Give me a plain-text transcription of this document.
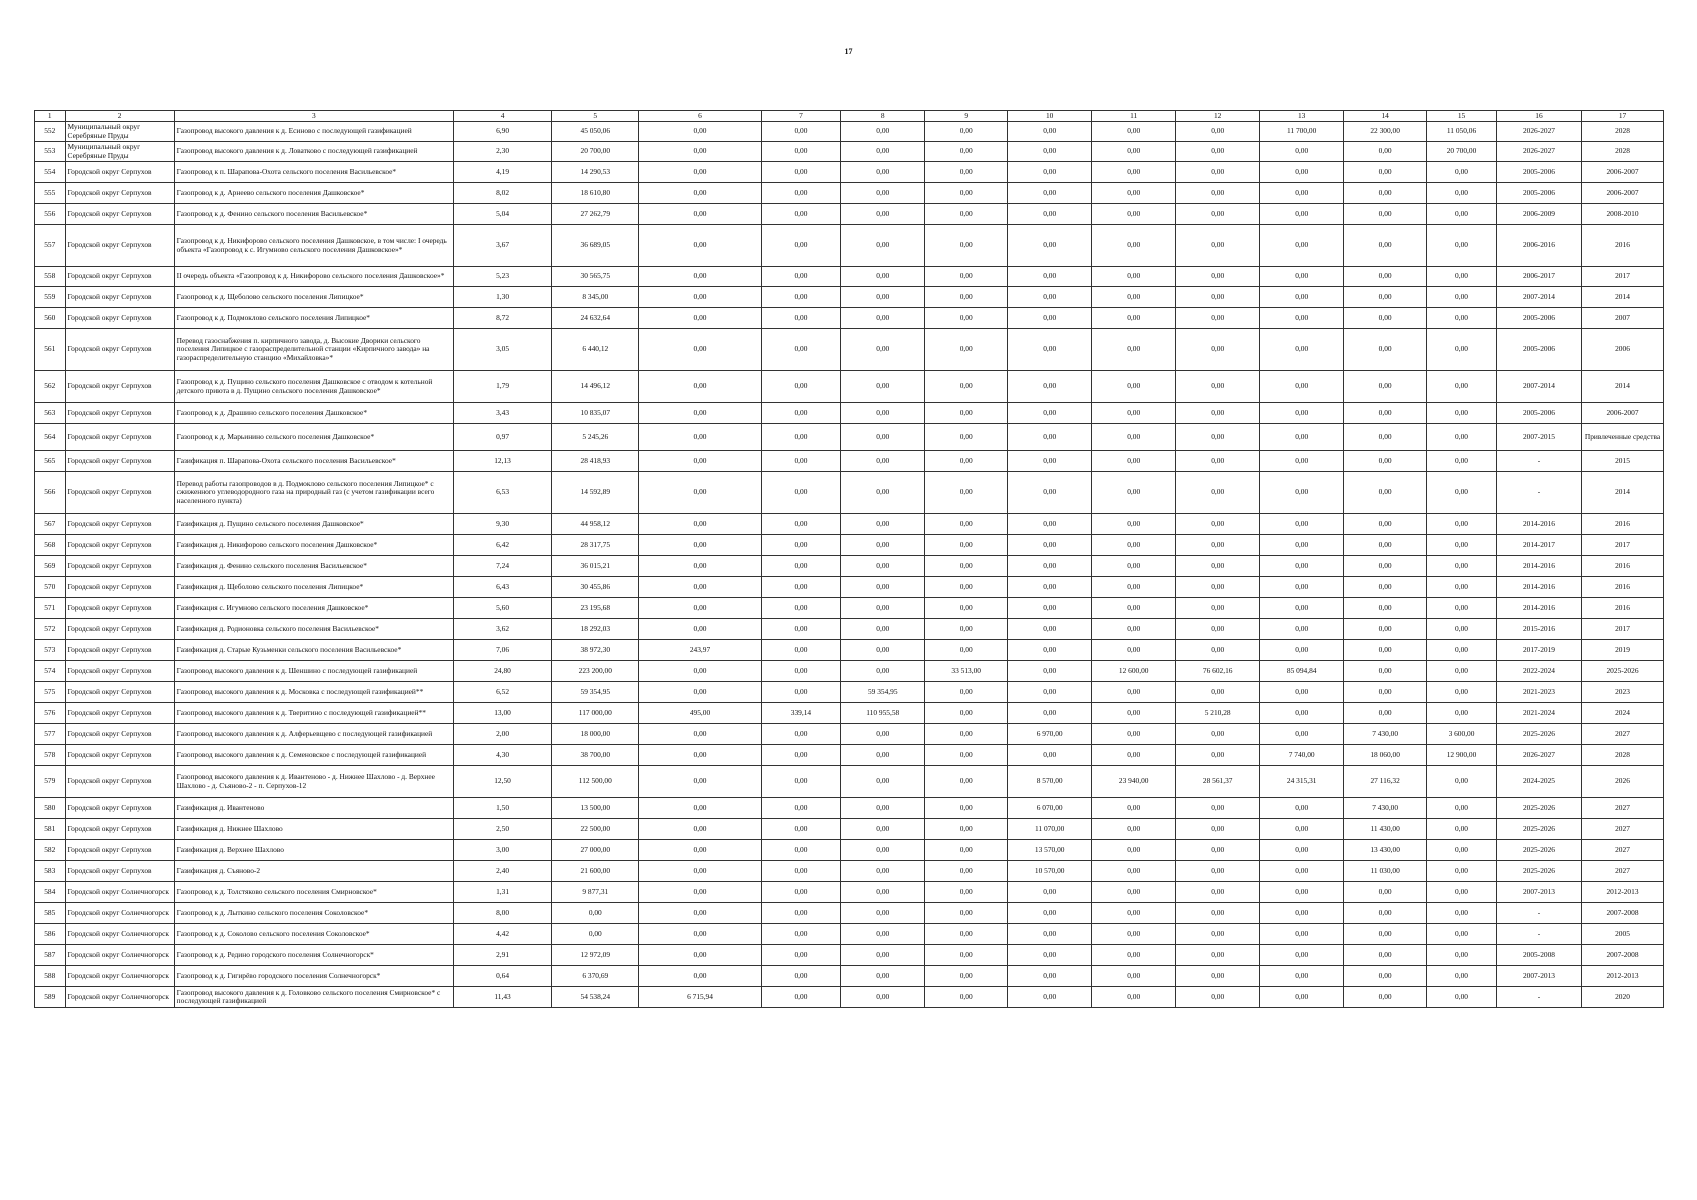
17
1	2	3	4	5	6	7	8	9	10	11	12	13	14	15	16	17
552	Муниципальный округ Серебряные Пруды	Газопровод высокого давления к д. Есиново с последующей газификацией	6,90	45 050,06	0,00	0,00	0,00	0,00	0,00	0,00	0,00	11 700,00	22 300,00	11 050,06	2026-2027	2028
553	Муниципальный округ Серебряные Пруды	Газопровод высокого давления к д. Ловатково с последующей газификацией	2,30	20 700,00	0,00	0,00	0,00	0,00	0,00	0,00	0,00	0,00	0,00	20 700,00	2026-2027	2028
554	Городской округ Серпухов	Газопровод к п. Шарапова-Охота сельского поселения Васильевское*	4,19	14 290,53	0,00	0,00	0,00	0,00	0,00	0,00	0,00	0,00	0,00	0,00	2005-2006	2006-2007
555	Городской округ Серпухов	Газопровод к д. Арнеево сельского поселения Дашковское*	8,02	18 610,80	0,00	0,00	0,00	0,00	0,00	0,00	0,00	0,00	0,00	0,00	2005-2006	2006-2007
556	Городской округ Серпухов	Газопровод к д. Фенино сельского поселения Васильевское*	5,04	27 262,79	0,00	0,00	0,00	0,00	0,00	0,00	0,00	0,00	0,00	0,00	2006-2009	2008-2010
557	Городской округ Серпухов	Газопровод к д. Никифорово сельского поселения Дашковское, в том числе: I очередь объекта «Газопровод к с. Игумново сельского поселения Дашковское»*	3,67	36 689,05	0,00	0,00	0,00	0,00	0,00	0,00	0,00	0,00	0,00	0,00	2006-2016	2016
558	Городской округ Серпухов	II очередь объекта «Газопровод к д. Никифорово сельского поселения Дашковское»*	5,23	30 565,75	0,00	0,00	0,00	0,00	0,00	0,00	0,00	0,00	0,00	0,00	2006-2017	2017
559	Городской округ Серпухов	Газопровод к д. Щеболово сельского поселения Липицкое*	1,30	8 345,00	0,00	0,00	0,00	0,00	0,00	0,00	0,00	0,00	0,00	0,00	2007-2014	2014
560	Городской округ Серпухов	Газопровод к д. Подмоклово сельского поселения Липицкое*	8,72	24 632,64	0,00	0,00	0,00	0,00	0,00	0,00	0,00	0,00	0,00	0,00	2005-2006	2007
561	Городской округ Серпухов	Перевод газоснабжения п. кирпичного завода, д. Высокие Дворики сельского поселения Липицкое с газораспределительной станции «Кирпичного завода» на газораспределительную станцию «Михайловка»*	3,05	6 440,12	0,00	0,00	0,00	0,00	0,00	0,00	0,00	0,00	0,00	0,00	2005-2006	2006
562	Городской округ Серпухов	Газопровод к д. Пущино сельского поселения Дашковское с отводом к котельной детского приюта в д. Пущино сельского поселения Дашковское*	1,79	14 496,12	0,00	0,00	0,00	0,00	0,00	0,00	0,00	0,00	0,00	0,00	2007-2014	2014
563	Городской округ Серпухов	Газопровод к д. Драшино сельского поселения Дашковское*	3,43	10 835,07	0,00	0,00	0,00	0,00	0,00	0,00	0,00	0,00	0,00	0,00	2005-2006	2006-2007
564	Городской округ Серпухов	Газопровод к д. Марьинино сельского поселения Дашковское*	0,97	5 245,26	0,00	0,00	0,00	0,00	0,00	0,00	0,00	0,00	0,00	0,00	2007-2015	Привлеченные средства
565	Городской округ Серпухов	Газификация п. Шарапова-Охота сельского поселения Васильевское*	12,13	28 418,93	0,00	0,00	0,00	0,00	0,00	0,00	0,00	0,00	0,00	0,00	-	2015
566	Городской округ Серпухов	Перевод работы газопроводов в д. Подмоклово сельского поселения Липицкое* с сжиженного углеводородного газа на природный газ (с учетом газификации всего населенного пункта)	6,53	14 592,89	0,00	0,00	0,00	0,00	0,00	0,00	0,00	0,00	0,00	0,00	-	2014
567	Городской округ Серпухов	Газификация д. Пущино сельского поселения Дашковское*	9,30	44 958,12	0,00	0,00	0,00	0,00	0,00	0,00	0,00	0,00	0,00	0,00	2014-2016	2016
568	Городской округ Серпухов	Газификация д. Никифорово сельского поселения Дашковское*	6,42	28 317,75	0,00	0,00	0,00	0,00	0,00	0,00	0,00	0,00	0,00	0,00	2014-2017	2017
569	Городской округ Серпухов	Газификация д. Фенино сельского поселения Васильевское*	7,24	36 015,21	0,00	0,00	0,00	0,00	0,00	0,00	0,00	0,00	0,00	0,00	2014-2016	2016
570	Городской округ Серпухов	Газификация д. Щеболово сельского поселения Липицкое*	6,43	30 455,86	0,00	0,00	0,00	0,00	0,00	0,00	0,00	0,00	0,00	0,00	2014-2016	2016
571	Городской округ Серпухов	Газификация с. Игумново сельского поселения Дашковское*	5,60	23 195,68	0,00	0,00	0,00	0,00	0,00	0,00	0,00	0,00	0,00	0,00	2014-2016	2016
572	Городской округ Серпухов	Газификация д. Родионовка сельского поселения Васильевское*	3,62	18 292,03	0,00	0,00	0,00	0,00	0,00	0,00	0,00	0,00	0,00	0,00	2015-2016	2017
573	Городской округ Серпухов	Газификация д. Старые Кузьменки сельского поселения Васильевское*	7,06	38 972,30	243,97	0,00	0,00	0,00	0,00	0,00	0,00	0,00	0,00	0,00	2017-2019	2019
574	Городской округ Серпухов	Газопровод высокого давления к д. Шеншино с последующей газификацией	24,80	223 200,00	0,00	0,00	0,00	33 513,00	0,00	12 600,00	76 602,16	85 094,84	0,00	0,00	2022-2024	2025-2026
575	Городской округ Серпухов	Газопровод высокого давления к д. Московка с последующей газификацией**	6,52	59 354,95	0,00	0,00	59 354,95	0,00	0,00	0,00	0,00	0,00	0,00	0,00	2021-2023	2023
576	Городской округ Серпухов	Газопровод высокого давления к д. Тверитино с последующей газификацией**	13,00	117 000,00	495,00	339,14	110 955,58	0,00	0,00	0,00	5 210,28	0,00	0,00	0,00	2021-2024	2024
577	Городской округ Серпухов	Газопровод высокого давления к д. Алферьевщево с последующей газификацией	2,00	18 000,00	0,00	0,00	0,00	0,00	6 970,00	0,00	0,00	0,00	7 430,00	3 600,00	2025-2026	2027
578	Городской округ Серпухов	Газопровод высокого давления к д. Семеновское с последующей газификацией	4,30	38 700,00	0,00	0,00	0,00	0,00	0,00	0,00	0,00	7 740,00	18 060,00	12 900,00	2026-2027	2028
579	Городской округ Серпухов	Газопровод высокого давления к д. Ивантеново - д. Нижнее Шахлово - д. Верхнее Шахлово - д. Съяново-2 - п. Серпухов-12	12,50	112 500,00	0,00	0,00	0,00	0,00	8 570,00	23 940,00	28 561,37	24 315,31	27 116,32	0,00	2024-2025	2026
580	Городской округ Серпухов	Газификация д. Ивантеново	1,50	13 500,00	0,00	0,00	0,00	0,00	6 070,00	0,00	0,00	0,00	7 430,00	0,00	2025-2026	2027
581	Городской округ Серпухов	Газификация д. Нижнее Шахлово	2,50	22 500,00	0,00	0,00	0,00	0,00	11 070,00	0,00	0,00	0,00	11 430,00	0,00	2025-2026	2027
582	Городской округ Серпухов	Газификация д. Верхнее Шахлово	3,00	27 000,00	0,00	0,00	0,00	0,00	13 570,00	0,00	0,00	0,00	13 430,00	0,00	2025-2026	2027
583	Городской округ Серпухов	Газификация д. Съяново-2	2,40	21 600,00	0,00	0,00	0,00	0,00	10 570,00	0,00	0,00	0,00	11 030,00	0,00	2025-2026	2027
584	Городской округ Солнечногорск	Газопровод к д. Толстяково сельского поселения Смирновское*	1,31	9 877,31	0,00	0,00	0,00	0,00	0,00	0,00	0,00	0,00	0,00	0,00	2007-2013	2012-2013
585	Городской округ Солнечногорск	Газопровод к д. Лыткино сельского поселения Соколовское*	8,00	0,00	0,00	0,00	0,00	0,00	0,00	0,00	0,00	0,00	0,00	0,00	-	2007-2008
586	Городской округ Солнечногорск	Газопровод к д. Соколово сельского поселения Соколовское*	4,42	0,00	0,00	0,00	0,00	0,00	0,00	0,00	0,00	0,00	0,00	0,00	-	2005
587	Городской округ Солнечногорск	Газопровод к д. Редино городского поселения Солнечногорск*	2,91	12 972,09	0,00	0,00	0,00	0,00	0,00	0,00	0,00	0,00	0,00	0,00	2005-2008	2007-2008
588	Городской округ Солнечногорск	Газопровод к д. Гигирёво городского поселения Солнечногорск*	0,64	6 370,69	0,00	0,00	0,00	0,00	0,00	0,00	0,00	0,00	0,00	0,00	2007-2013	2012-2013
589	Городской округ Солнечногорск	Газопровод высокого давления к д. Головково сельского поселения Смирновское* с последующей газификацией	11,43	54 538,24	6 715,94	0,00	0,00	0,00	0,00	0,00	0,00	0,00	0,00	0,00	-	2020
